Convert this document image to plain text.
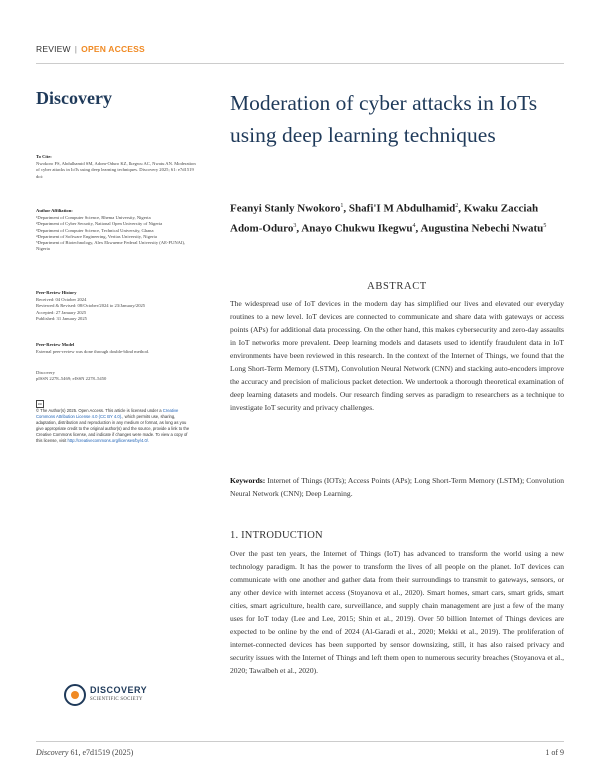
REVIEW | OPEN ACCESS
Discovery
To Cite:

Nwokoro FS, Abdulhamid SM, Adom-Oduro KZ, Ikegwu AC, Nwatu AN. Moderation of cyber attacks in IoTs using deep learning techniques. Discovery 2025; 61: e7d1519

doi:

Author Affiliation:

¹Department of Computer Science, Rhema University, Nigeria

²Department of Cyber Security, National Open University of Nigeria

³Department of Computer Science, Technical University, Ghana

⁴Department of Software Engineering, Veritas University, Nigeria

⁵Department of Biotechnology, Alex Ekwueme Federal University (AE-FUNAI), Nigeria

Peer-Review History

Received: 04 October 2024

Reviewed & Revised: 08/October/2024 to 23/January/2025

Accepted: 27 January 2025

Published: 31 January 2025

Peer-Review Model

External peer-review was done through double-blind method.

Discovery

pISSN 2278–5469; eISSN 2278–5450

cc
© The Author(s) 2025. Open Access. This article is licensed under a Creative Commons Attribution License 4.0 (CC BY 4.0)., which permits use, sharing, adaptation, distribution and reproduction in any medium or format, as long as you give appropriate credit to the original author(s) and the source, provide a link to the Creative Commons license, and indicate if changes were made. To view a copy of this license, visit http://creativecommons.org/licenses/by/4.0/.
Moderation of cyber attacks in IoTs using deep learning techniques
Feanyi Stanly Nwokoro$^1$, Shafi'I M Abdulhamid$^2$, Kwaku Zacciah Adom-Oduro$^3$, Anayo Chukwu Ikegwu$^4$, Augustina Nebechi Nwatu$^5$
ABSTRACT
The widespread use of IoT devices in the modern day has simplified our lives and elevated our everyday routines to a new level. IoT devices are connected to communicate and share data with gateways or access points (APs) for additional data processing. On the other hand, this makes cybersecurity and zero-day assaults in IoT networks more prevalent. Deep learning models and datasets used to identify fraudulent data in IoT environments have been reviewed in this research. In the context of the Internet of Things, we found that the Long Short-Term Memory (LSTM), Convolution Neural Network (CNN) and stacking auto-encoders improve the accuracy and precision of malicious packet detection. We undertook a thorough theoretical examination of deep learning datasets and models. Our research finding serves as paradigm to researchers as a technique to investigate IoT security and privacy challenges.
Keywords: Internet of Things (IOTs); Access Points (APs); Long Short-Term Memory (LSTM); Convolution Neural Network (CNN); Deep Learning.
1. INTRODUCTION
Over the past ten years, the Internet of Things (IoT) has advanced to transform the world using a new technology paradigm. It has the power to transform the lives of all people on the planet. IoT devices can communicate with one another and gather data from their surroundings to transmit to gateways, sensors, or any other device with internet access (Stoyanova et al., 2020). Smart homes, smart cars, smart grids, smart cities, smart agriculture, health care, surveillance, and supply chain management are just a few of the many uses for IoT today (Lee and Lee, 2015; Shin et al., 2019). Over 50 billion Internet of Things devices are expected to be online by the end of 2024 (Al-Garadi et al., 2020; Mekki et al., 2019). The proliferation of internet-connected devices has been supported by sensor downsizing, still, it has also raised privacy and security issues with the Internet of Things and left them open to numerous security breaches (Stoyanova et al., 2020; Tawalbeh et al., 2020).
DISCOVERY
SCIENTIFIC SOCIETY
Discovery 61, e7d1519 (2025)	1 of 9
